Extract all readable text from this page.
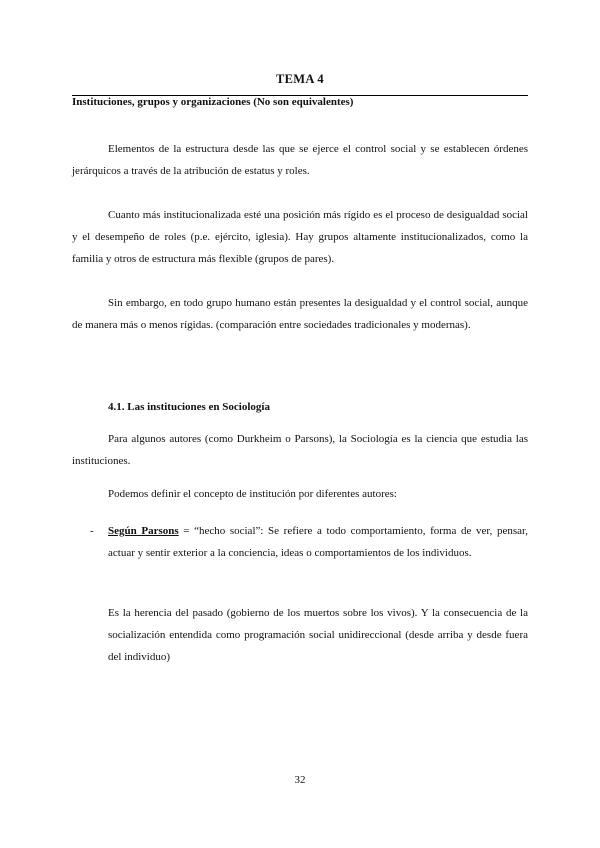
TEMA 4
Instituciones, grupos y organizaciones (No son equivalentes)

Elementos de la estructura desde las que se ejerce el control social y se establecen órdenes jerárquicos a través de la atribución de estatus y roles.

Cuanto más institucionalizada esté una posición más rígido es el proceso de desigualdad social y el desempeño de roles (p.e. ejército, iglesia). Hay grupos altamente institucionalizados, como la familia y otros de estructura más flexible (grupos de pares).

Sin embargo, en todo grupo humano están presentes la desigualdad y el control social, aunque de manera más o menos rígidas. (comparación entre sociedades tradicionales y modernas).

4.1. Las instituciones en Sociología

Para algunos autores (como Durkheim o Parsons), la Sociología es la ciencia que estudia las instituciones.

Podemos definir el concepto de institución por diferentes autores:
- Según Parsons = “hecho social”: Se refiere a todo comportamiento, forma de ver, pensar, actuar y sentir exterior a la conciencia, ideas o comportamientos de los individuos.

Es la herencia del pasado (gobierno de los muertos sobre los vivos). Y la consecuencia de la socialización entendida como programación social unidireccional (desde arriba y desde fuera del individuo)

32
